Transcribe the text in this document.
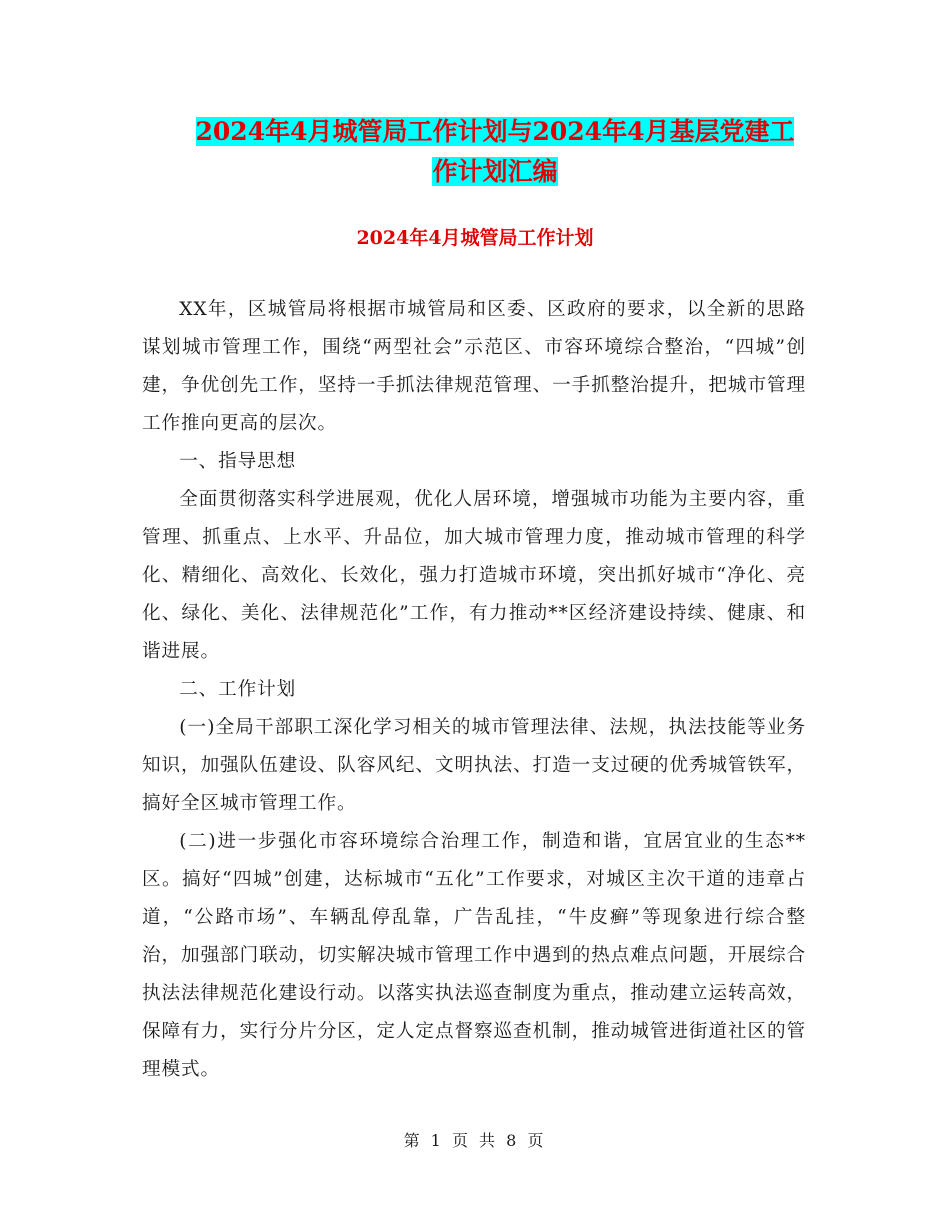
2024年4月城管局工作计划与2024年4月基层党建工
作计划汇编
2024年4月城管局工作计划

XX年，区城管局将根据市城管局和区委、区政府的要求，以全新的思路谋划城市管理工作，围绕“两型社会”示范区、市容环境综合整治，“四城”创建，争优创先工作，坚持一手抓法律规范管理、一手抓整治提升，把城市管理工作推向更高的层次。

一、指导思想

全面贯彻落实科学进展观，优化人居环境，增强城市功能为主要内容，重管理、抓重点、上水平、升品位，加大城市管理力度，推动城市管理的科学化、精细化、高效化、长效化，强力打造城市环境，突出抓好城市“净化、亮化、绿化、美化、法律规范化”工作，有力推动**区经济建设持续、健康、和谐进展。

二、工作计划

(一)全局干部职工深化学习相关的城市管理法律、法规，执法技能等业务知识，加强队伍建设、队容风纪、文明执法、打造一支过硬的优秀城管铁军，搞好全区城市管理工作。

(二)进一步强化市容环境综合治理工作，制造和谐，宜居宜业的生态**区。搞好“四城”创建，达标城市“五化”工作要求，对城区主次干道的违章占道，“公路市场”、车辆乱停乱靠，广告乱挂，“牛皮癣”等现象进行综合整治，加强部门联动，切实解决城市管理工作中遇到的热点难点问题，开展综合执法法律规范化建设行动。以落实执法巡查制度为重点，推动建立运转高效，保障有力，实行分片分区，定人定点督察巡查机制，推动城管进街道社区的管理模式。

第 1 页 共 8 页
